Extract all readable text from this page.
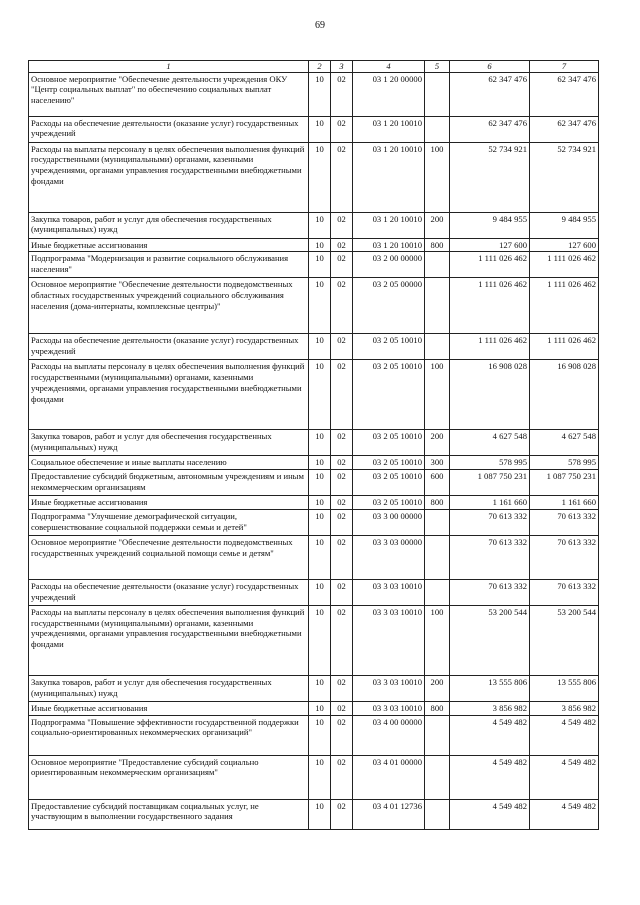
69
1	2	3	4	5	6	7
Основное мероприятие "Обеспечение деятельности учреждения ОКУ "Центр социальных выплат" по обеспечению социальных выплат населению"	10	02	03 1 20 00000		62 347 476	62 347 476
Расходы на обеспечение деятельности (оказание услуг) государственных учреждений	10	02	03 1 20 10010		62 347 476	62 347 476
Расходы на выплаты персоналу в целях обеспечения выполнения функций государственными (муниципальными) органами, казенными учреждениями, органами управления государственными внебюджетными фондами	10	02	03 1 20 10010	100	52 734 921	52 734 921
Закупка товаров, работ и услуг для обеспечения государственных (муниципальных) нужд	10	02	03 1 20 10010	200	9 484 955	9 484 955
Иные бюджетные ассигнования	10	02	03 1 20 10010	800	127 600	127 600
Подпрограмма "Модернизация и развитие социального обслуживания населения"	10	02	03 2 00 00000		1 111 026 462	1 111 026 462
Основное мероприятие "Обеспечение деятельности подведомственных областных государственных учреждений социального обслуживания населения (дома-интернаты, комплексные центры)"	10	02	03 2 05 00000		1 111 026 462	1 111 026 462
Расходы на обеспечение деятельности (оказание услуг) государственных учреждений	10	02	03 2 05 10010		1 111 026 462	1 111 026 462
Расходы на выплаты персоналу в целях обеспечения выполнения функций государственными (муниципальными) органами, казенными учреждениями, органами управления государственными внебюджетными фондами	10	02	03 2 05 10010	100	16 908 028	16 908 028
Закупка товаров, работ и услуг для обеспечения государственных (муниципальных) нужд	10	02	03 2 05 10010	200	4 627 548	4 627 548
Социальное обеспечение и иные выплаты населению	10	02	03 2 05 10010	300	578 995	578 995
Предоставление субсидий бюджетным, автономным учреждениям и иным некоммерческим организациям	10	02	03 2 05 10010	600	1 087 750 231	1 087 750 231
Иные бюджетные ассигнования	10	02	03 2 05 10010	800	1 161 660	1 161 660
Подпрограмма "Улучшение демографической ситуации, совершенствование социальной поддержки семьи и детей"	10	02	03 3 00 00000		70 613 332	70 613 332
Основное мероприятие "Обеспечение деятельности подведомственных государственных учреждений социальной помощи семье и детям"	10	02	03 3 03 00000		70 613 332	70 613 332
Расходы на обеспечение деятельности (оказание услуг) государственных учреждений	10	02	03 3 03 10010		70 613 332	70 613 332
Расходы на выплаты персоналу в целях обеспечения выполнения функций государственными (муниципальными) органами, казенными учреждениями, органами управления государственными внебюджетными фондами	10	02	03 3 03 10010	100	53 200 544	53 200 544
Закупка товаров, работ и услуг для обеспечения государственных (муниципальных) нужд	10	02	03 3 03 10010	200	13 555 806	13 555 806
Иные бюджетные ассигнования	10	02	03 3 03 10010	800	3 856 982	3 856 982
Подпрограмма "Повышение эффективности государственной поддержки социально-ориентированных некоммерческих организаций"	10	02	03 4 00 00000		4 549 482	4 549 482
Основное мероприятие "Предоставление субсидий социально ориентированным некоммерческим организациям"	10	02	03 4 01 00000		4 549 482	4 549 482
Предоставление субсидий поставщикам социальных услуг, не участвующим в выполнении государственного задания	10	02	03 4 01 12736		4 549 482	4 549 482
